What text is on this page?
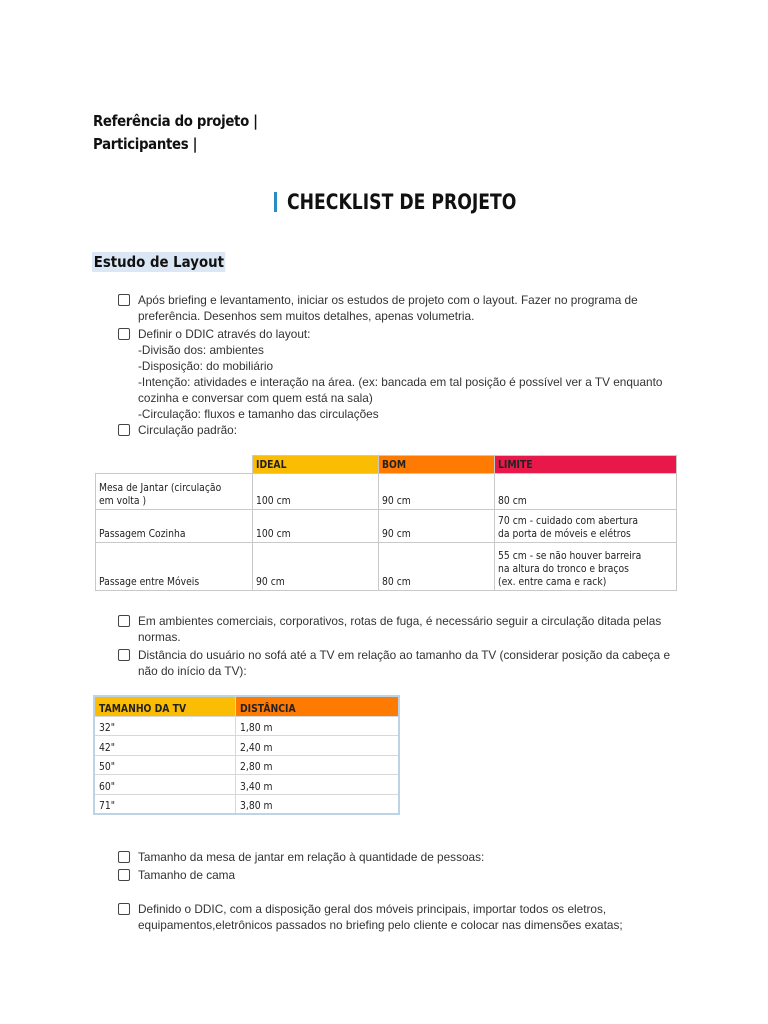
Referência do projeto |
Participantes |
CHECKLIST DE PROJETO
Estudo de Layout
Após briefing e levantamento, iniciar os estudos de projeto com o layout. Fazer no programa de preferência. Desenhos sem muitos detalhes, apenas volumetria.
Definir o DDIC através do layout:
-Divisão dos: ambientes
-Disposição: do mobiliário
-Intenção: atividades e interação na área. (ex: bancada em tal posição é possível ver a TV enquanto cozinha e conversar com quem está na sala)
-Circulação: fluxos e tamanho das circulações
Circulação padrão:
	IDEAL	BOM	LIMITE

Mesa de Jantar (circulação em volta )	100 cm	90 cm	80 cm
Passagem Cozinha	100 cm	90 cm	70 cm - cuidado com abertura da porta de móveis e elétros

Passage entre Móveis	90 cm	80 cm	55 cm - se não houver barreira na altura do tronco e braços (ex. entre cama e rack)
Em ambientes comerciais, corporativos, rotas de fuga, é necessário seguir a circulação ditada pelas normas.
Distância do usuário no sofá até a TV em relação ao tamanho da TV (considerar posição da cabeça e não do início da TV):
TAMANHO DA TV	DISTÂNCIA
32"	1,80 m
42"	2,40 m
50"	2,80 m
60"	3,40 m
71"	3,80 m
Tamanho da mesa de jantar em relação à quantidade de pessoas:
Tamanho de cama
Definido o DDIC, com a disposição geral dos móveis principais, importar todos os eletros, equipamentos,eletrônicos passados no briefing pelo cliente e colocar nas dimensões exatas;
